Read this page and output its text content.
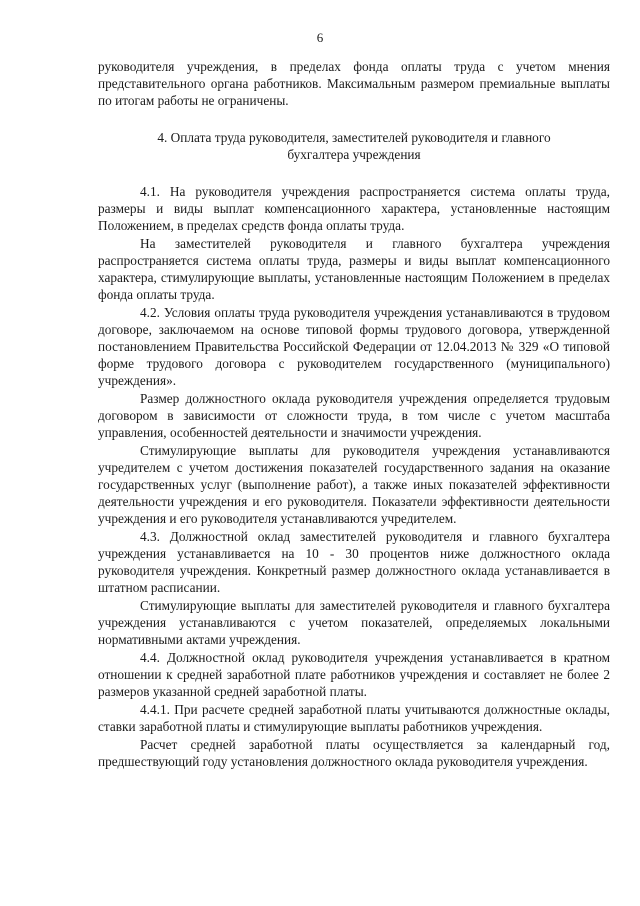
6

руководителя учреждения, в пределах фонда оплаты труда с учетом мнения представительного органа работников. Максимальным размером премиальные выплаты по итогам работы не ограничены.

4. Оплата труда руководителя, заместителей руководителя и главного бухгалтера учреждения

4.1. На руководителя учреждения распространяется система оплаты труда, размеры и виды выплат компенсационного характера, установленные настоящим Положением, в пределах средств фонда оплаты труда.

На заместителей руководителя и главного бухгалтера учреждения распространяется система оплаты труда, размеры и виды выплат компенсационного характера, стимулирующие выплаты, установленные настоящим Положением в пределах фонда оплаты труда.

4.2. Условия оплаты труда руководителя учреждения устанавливаются в трудовом договоре, заключаемом на основе типовой формы трудового договора, утвержденной постановлением Правительства Российской Федерации от 12.04.2013 № 329 «О типовой форме трудового договора с руководителем государственного (муниципального) учреждения».

Размер должностного оклада руководителя учреждения определяется трудовым договором в зависимости от сложности труда, в том числе с учетом масштаба управления, особенностей деятельности и значимости учреждения.

Стимулирующие выплаты для руководителя учреждения устанавливаются учредителем с учетом достижения показателей государственного задания на оказание государственных услуг (выполнение работ), а также иных показателей эффективности деятельности учреждения и его руководителя. Показатели эффективности деятельности учреждения и его руководителя устанавливаются учредителем.

4.3. Должностной оклад заместителей руководителя и главного бухгалтера учреждения устанавливается на 10 - 30 процентов ниже должностного оклада руководителя учреждения. Конкретный размер должностного оклада устанавливается в штатном расписании.

Стимулирующие выплаты для заместителей руководителя и главного бухгалтера учреждения устанавливаются с учетом показателей, определяемых локальными нормативными актами учреждения.

4.4. Должностной оклад руководителя учреждения устанавливается в кратном отношении к средней заработной плате работников учреждения и составляет не более 2 размеров указанной средней заработной платы.

4.4.1. При расчете средней заработной платы учитываются должностные оклады, ставки заработной платы и стимулирующие выплаты работников учреждения.

Расчет средней заработной платы осуществляется за календарный год, предшествующий году установления должностного оклада руководителя учреждения.
